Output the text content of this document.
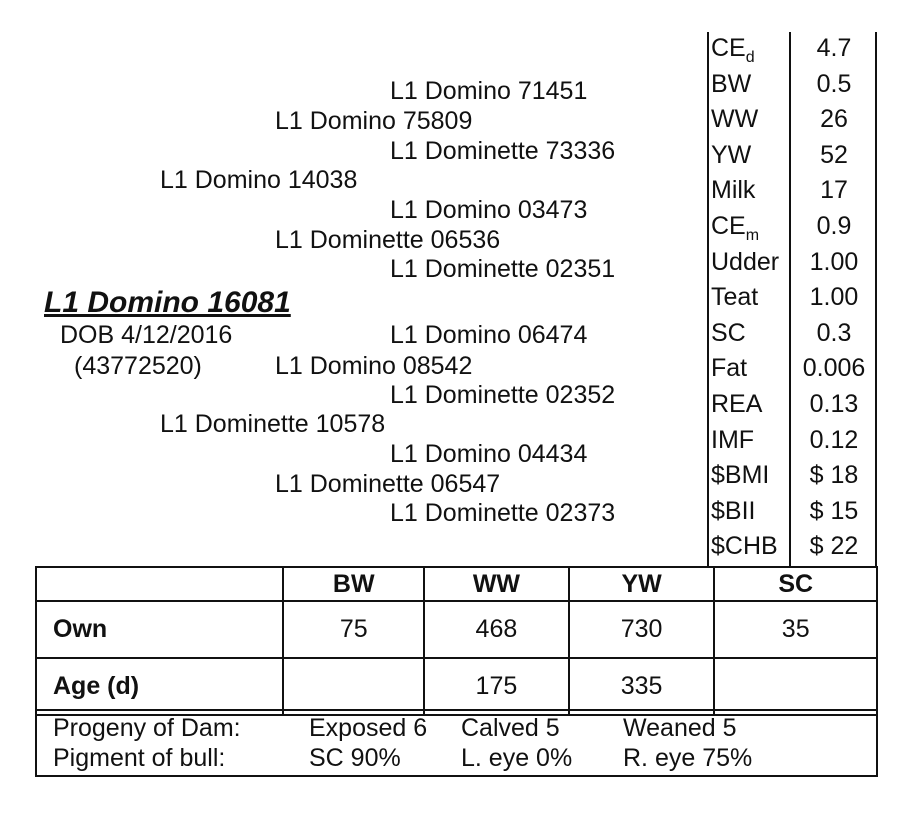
L1 Domino 71451
L1 Domino 75809
L1 Dominette 73336
L1 Domino 14038
L1 Domino 03473
L1 Dominette 06536
L1 Dominette 02351
L1 Domino 16081
DOB 4/12/2016
(43772520)
L1 Domino 06474
L1 Domino 08542
L1 Dominette 02352
L1 Dominette 10578
L1 Domino 04434
L1 Dominette 06547
L1 Dominette 02373
$CE_d$	4.7
BW	0.5
WW	26
YW	52
Milk	17
$CE_m$	0.9
Udder	1.00
Teat	1.00
SC	0.3
Fat	0.006
REA	0.13
IMF	0.12
$BMI	$ 18
$BII	$ 15
$CHB	$ 22
	BW	WW	YW	SC
Own	75	468	730	35
Age (d)		175	335	
Progeny of Dam:	Exposed 6 Calved 5	Weaned 5
Pigment of bull:	SC 90% L. eye 0% R. eye 75%
